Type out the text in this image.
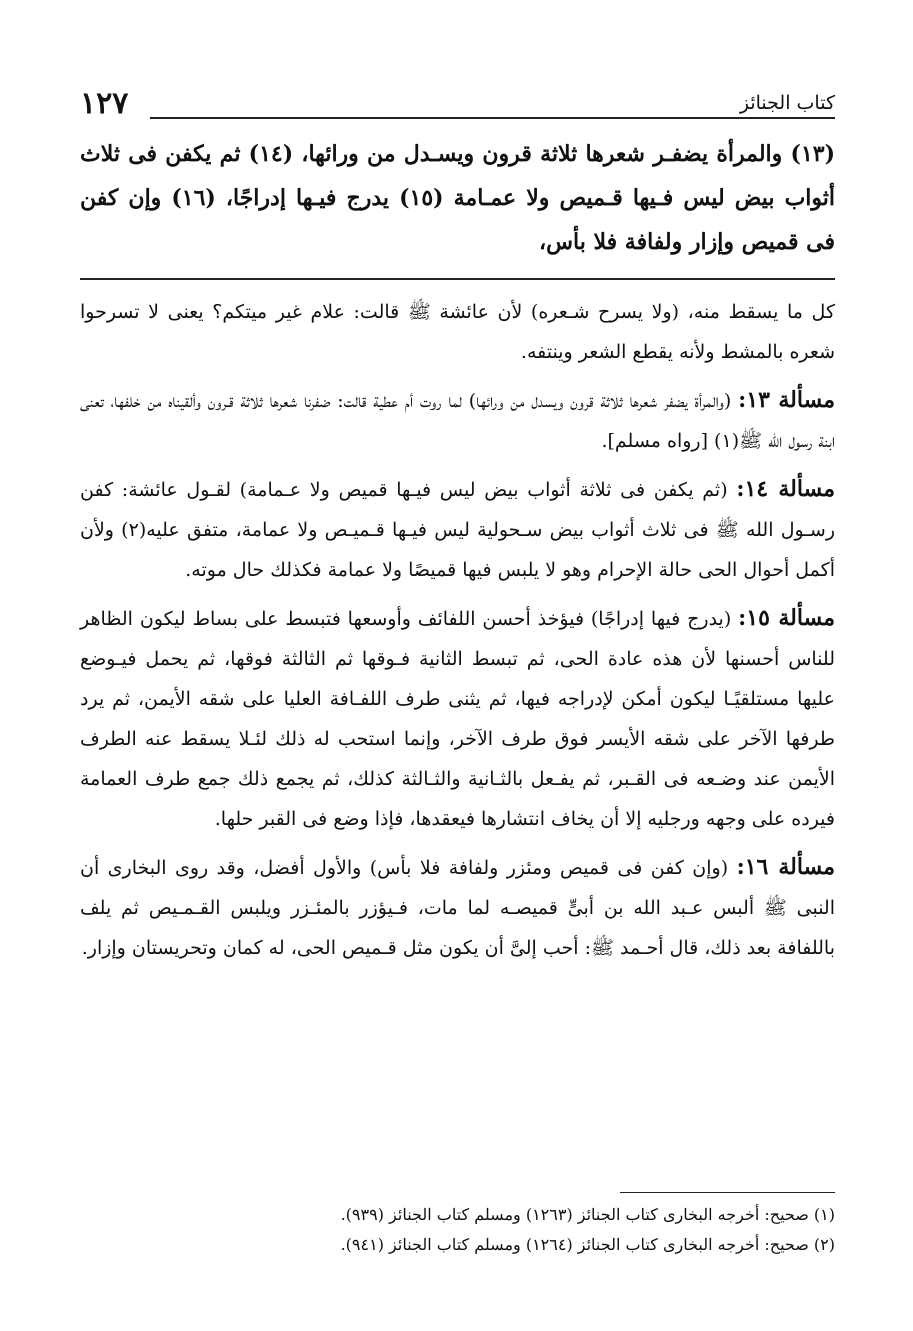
١٢٧	كتاب الجنائز
(١٣) والمرأة يضفـر شعرها ثلاثة قرون ويسـدل من ورائها، (١٤) ثم يكفن فى ثلاث أثواب بيض ليس فـيها قـميص ولا عمـامة (١٥) يدرج فيـها إدراجًا، (١٦) وإن كفن فى قميص وإزار ولفافة فلا بأس،

كل ما يسقط منه، (ولا يسرح شـعره) لأن عائشة ﷺ قالت: علام غير ميتكم؟ يعنى لا تسرحوا شعره بالمشط ولأنه يقطع الشعر وينتفه.

مسألة ١٣: (والمرأة يضفر شعرها ثلاثة قرون ويسدل من ورائها) لما روت أم عطية قالت: ضفرنا شعرها ثلاثة قـرون وألقيناه من خلفها، تعنى ابنة رسول الله ﷺ(١) [رواه مسلم].

مسألة ١٤: (ثم يكفن فى ثلاثة أثواب بيض ليس فيـها قميص ولا عـمامة) لقـول عائشة: كفن رسـول الله ﷺ فى ثلاث أثواب بيض سـحولية ليس فيـها قـميـص ولا عمامة، متفق عليه(٢) ولأن أكمل أحوال الحى حالة الإحرام وهو لا يلبس فيها قميصًا ولا عمامة فكذلك حال موته.

مسألة ١٥: (يدرج فيها إدراجًا) فيؤخذ أحسن اللفائف وأوسعها فتبسط على بساط ليكون الظاهر للناس أحسنها لأن هذه عادة الحى، ثم تبسط الثانية فـوقها ثم الثالثة فوقها، ثم يحمل فيـوضع عليها مستلقيًـا ليكون أمكن لإدراجه فيها، ثم يثنى طرف اللفـافة العليا على شقه الأيمن، ثم يرد طرفها الآخر على شقه الأيسر فوق طرف الآخر، وإنما استحب له ذلك لئـلا يسقط عنه الطرف الأيمن عند وضـعه فى القـبر، ثم يفـعل بالثـانية والثـالثة كذلك، ثم يجمع ذلك جمع طرف العمامة فيرده على وجهه ورجليه إلا أن يخاف انتشارها فيعقدها، فإذا وضع فى القبر حلها.

مسألة ١٦: (وإن كفن فى قميص ومئزر ولفافة فلا بأس) والأول أفضل، وقد روى البخارى أن النبى ﷺ ألبس عـبد الله بن أبىٍّ قميصـه لما مات، فـيؤزر بالمئـزر ويلبس القـمـيص ثم يلف باللفافة بعد ذلك، قال أحـمد ﷺ: أحب إلىَّ أن يكون مثل قـميص الحى، له كمان وتحريستان وإزار.

(١) صحيح: أخرجه البخارى كتاب الجنائز (١٢٦٣) ومسلم كتاب الجنائز (٩٣٩).
(٢) صحيح: أخرجه البخارى كتاب الجنائز (١٢٦٤) ومسلم كتاب الجنائز (٩٤١).
